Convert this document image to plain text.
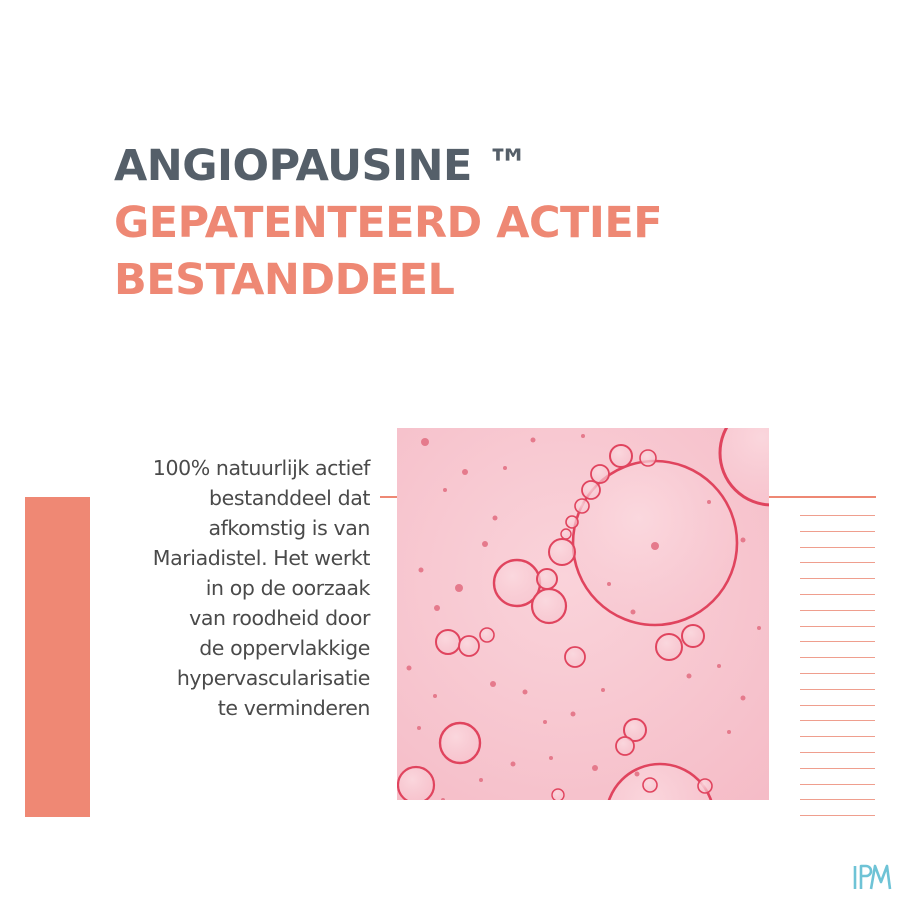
ANGIOPAUSINE ™
GEPATENTEERD ACTIEF
BESTANDDEEL

100% natuurlijk actief
bestanddeel dat
afkomstig is van
Mariadistel. Het werkt
in op de oorzaak
van roodheid door
de oppervlakkige
hypervascularisatie
te verminderen
